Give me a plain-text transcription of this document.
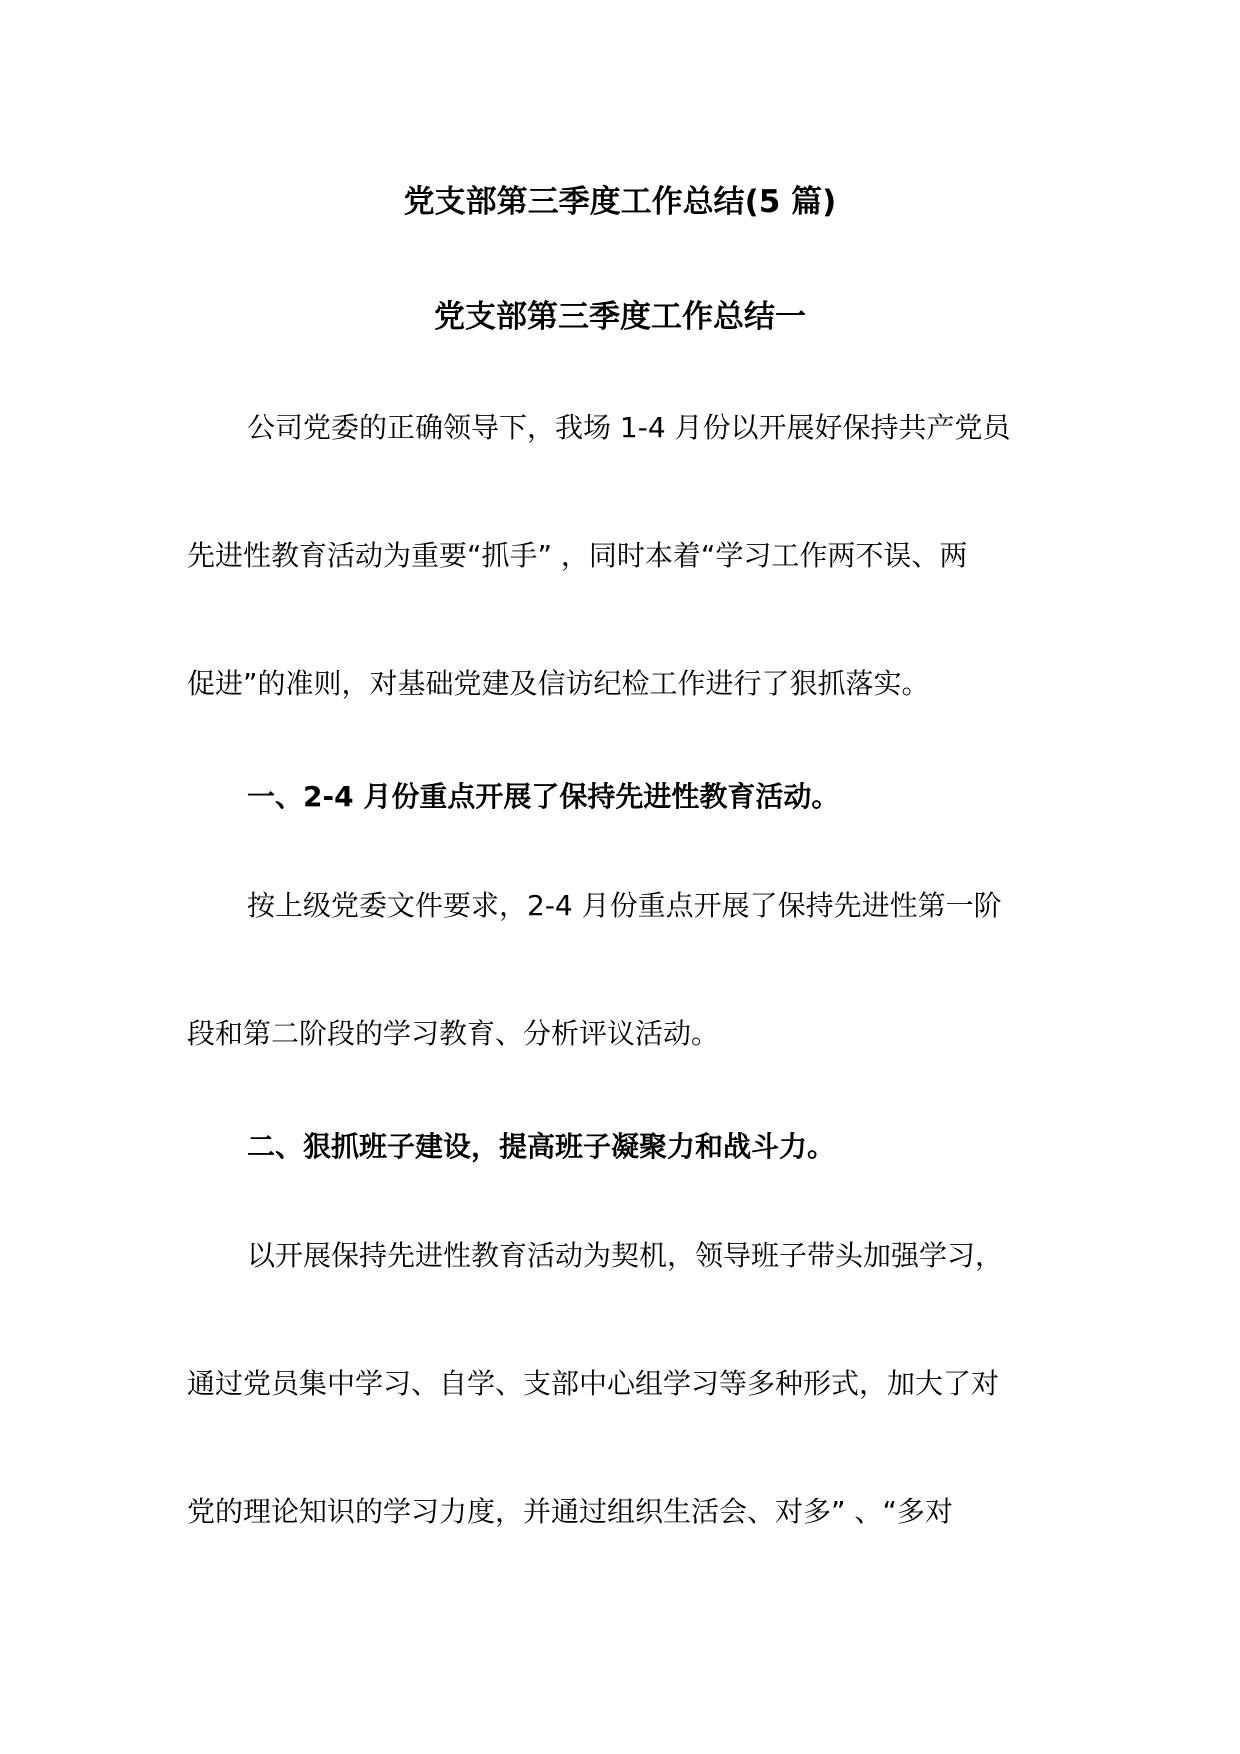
党支部第三季度工作总结(5 篇)
党支部第三季度工作总结一
公司党委的正确领导下，我场 1-4 月份以开展好保持共产党员
先进性教育活动为重要“抓手” ，同时本着“学习工作两不误、两
促进”的准则，对基础党建及信访纪检工作进行了狠抓落实。
一、2-4 月份重点开展了保持先进性教育活动。
按上级党委文件要求，2-4 月份重点开展了保持先进性第一阶
段和第二阶段的学习教育、分析评议活动。
二、狠抓班子建设，提高班子凝聚力和战斗力。
以开展保持先进性教育活动为契机，领导班子带头加强学习，
通过党员集中学习、自学、支部中心组学习等多种形式，加大了对
党的理论知识的学习力度，并通过组织生活会、对多” 、“多对
